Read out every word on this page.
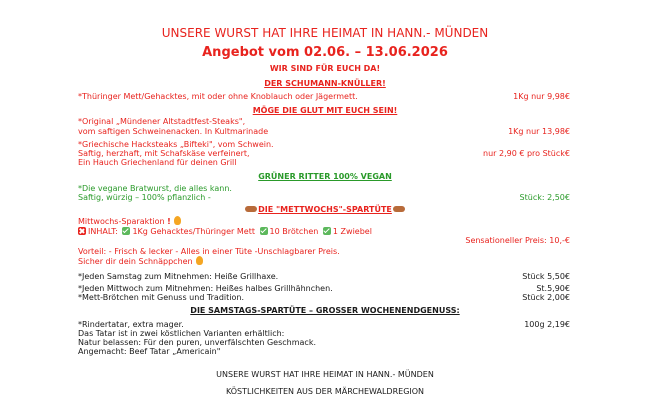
UNSERE WURST HAT IHRE HEIMAT IN HANN.- MÜNDEN
Angebot vom 02.06. – 13.06.2026
WIR SIND FÜR EUCH DA!
DER SCHUMANN-KNÜLLER!
*Thüringer Mett/Gehacktes, mit oder ohne Knoblauch oder Jägermett.	1Kg nur 9,98€
MÖGE DIE GLUT MIT EUCH SEIN!
*Original „Mündener Altstadtfest-Steaks",
vom saftigen Schweinenacken. In Kultmarinade	1Kg nur 13,98€
*Griechische Hacksteaks „Bifteki", vom Schwein.
Saftig, herzhaft, mit Schafskäse verfeinert,	nur 2,90 € pro Stück€
Ein Hauch Griechenland für deinen Grill
GRÜNER RITTER 100% VEGAN
*Die vegane Bratwurst, die alles kann.
Saftig, würzig – 100% pflanzlich -	Stück: 2,50€
DIE "METTWOCHS"-SPARTÜTE
Mittwochs-Sparaktion !
INHALT: 1Kg Gehacktes/Thüringer Mett 10 Brötchen 1 Zwiebel
Sensationeller Preis: 10,-€
Vorteil: - Frisch & lecker - Alles in einer Tüte -Unschlagbarer Preis.
Sicher dir dein Schnäppchen
*Jeden Samstag zum Mitnehmen: Heiße Grillhaxe.	Stück 5,50€
*Jeden Mittwoch zum Mitnehmen: Heißes halbes Grillhähnchen.	St.5,90€
*Mett-Brötchen mit Genuss und Tradition.	Stück 2,00€
DIE SAMSTAGS-SPARTÜTE – GROSSER WOCHENENDGENUSS:
*Rindertatar, extra mager.	100g 2,19€
Das Tatar ist in zwei köstlichen Varianten erhältlich:
Natur belassen: Für den puren, unverfälschten Geschmack.
Angemacht: Beef Tatar „Americain"
UNSERE WURST HAT IHRE HEIMAT IN HANN.- MÜNDEN
KÖSTLICHKEITEN AUS DER MÄRCHEWALDREGION
